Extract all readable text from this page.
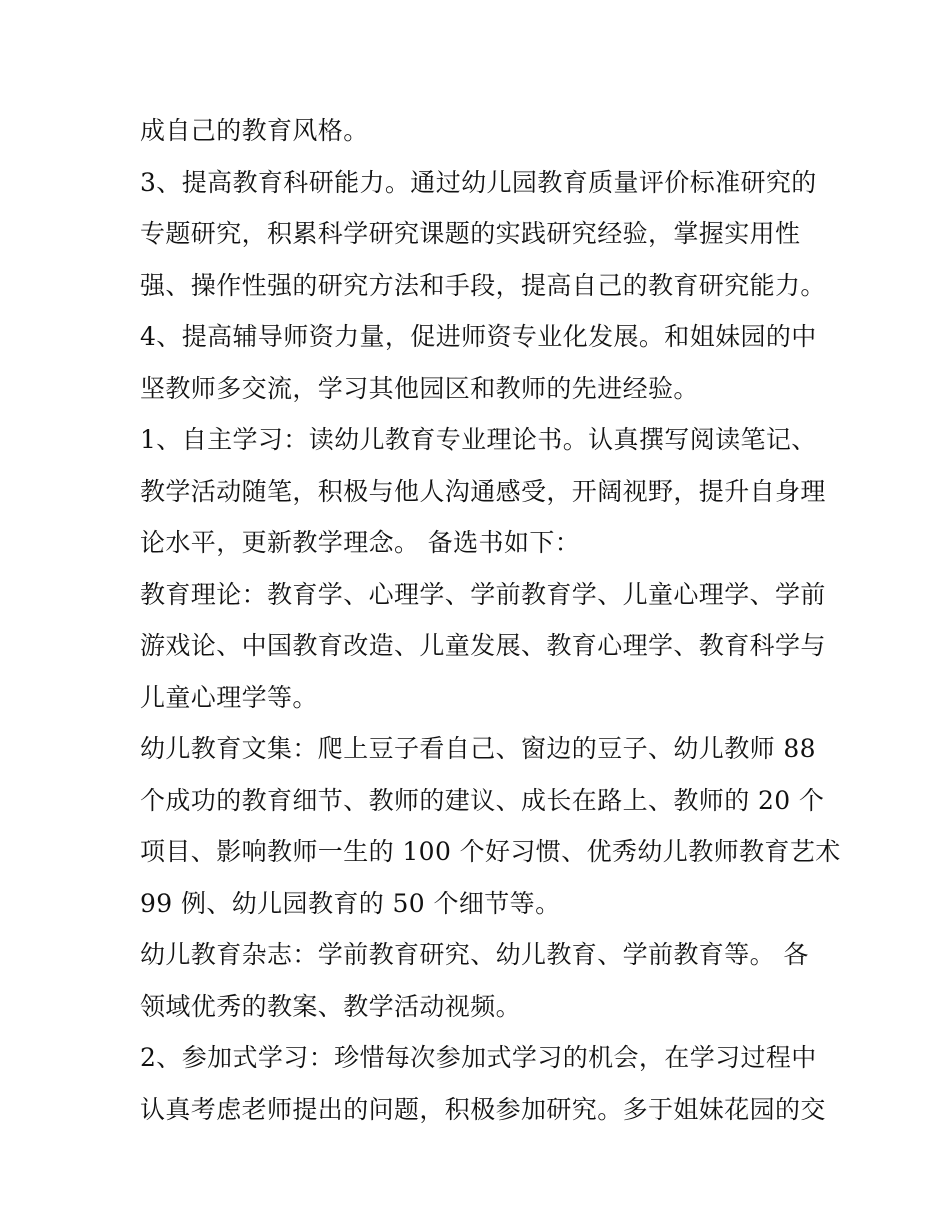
成自己的教育风格。
3、提高教育科研能力。通过幼儿园教育质量评价标准研究的
专题研究，积累科学研究课题的实践研究经验，掌握实用性
强、操作性强的研究方法和手段，提高自己的教育研究能力。
4、提高辅导师资力量，促进师资专业化发展。和姐妹园的中
坚教师多交流，学习其他园区和教师的先进经验。
1、自主学习：读幼儿教育专业理论书。认真撰写阅读笔记、
教学活动随笔，积极与他人沟通感受，开阔视野，提升自身理
论水平，更新教学理念。 备选书如下：
教育理论：教育学、心理学、学前教育学、儿童心理学、学前
游戏论、中国教育改造、儿童发展、教育心理学、教育科学与
儿童心理学等。
幼儿教育文集：爬上豆子看自己、窗边的豆子、幼儿教师 88
个成功的教育细节、教师的建议、成长在路上、教师的 20 个
项目、影响教师一生的 100 个好习惯、优秀幼儿教师教育艺术
99 例、幼儿园教育的 50 个细节等。
幼儿教育杂志：学前教育研究、幼儿教育、学前教育等。 各
领域优秀的教案、教学活动视频。
2、参加式学习：珍惜每次参加式学习的机会，在学习过程中
认真考虑老师提出的问题，积极参加研究。多于姐妹花园的交
